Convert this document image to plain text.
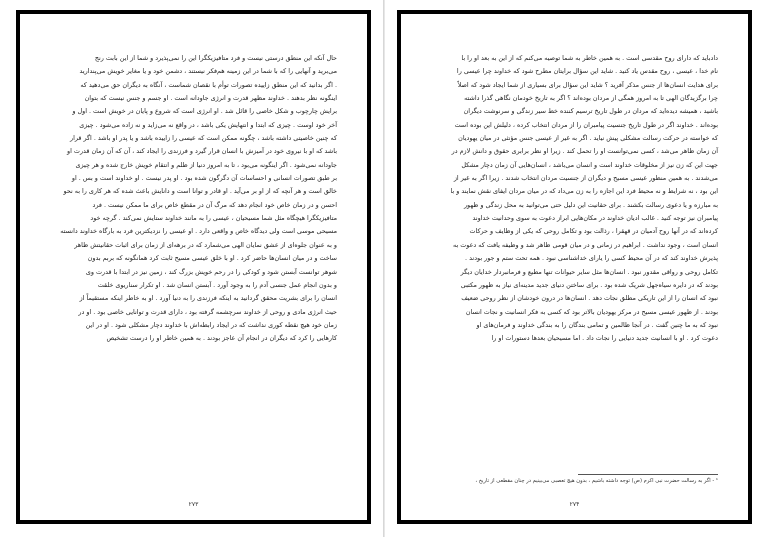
حال آنکه این منطق درستی نیست و فرد متافیزیکگرا این را نمی‌پذیرد و شما از این بابت رنج

می‌برید و آنهایی را که با شما در این زمینه هم‌فکر نیستند ، دشمن خود و یا مغایر خویش می‌پندارید

. اگر بدانید که این منطق زاییده تصورات توأم با نقصان شماست ، آنگاه به دیگران حق می‌دهید که

اینگونه نظر بدهند . خداوند مظهر قدرت و انرژی جاودانه است . او جسم و جنس نیست که بتوان

برایش چارچوب و شکل خاصی را قائل شد . او انرژی است که شروع و پایان در خویش است . اول و

آخر خود اوست . چیزی که ابتدا و انتهایش یکی باشد ، در واقع نه می‌زاید و نه زاده می‌شود . چیزی

که چنین خاصیتی داشته باشد ، چگونه ممکن است که عیسی را زاییده باشد و یا پدر او باشد . اگر قرار

باشد که او با نیروی خود در آمیزش با انسان قرار گیرد و فرزندی را ایجاد کند ، آن که آن زمان قدرت او

جاودانه نمی‌شود . اگر اینگونه می‌بود ، تا به امروز دنیا از ظلم و انتقام خویش خارج شده و هر چیزی

بر طبق تصورات انسانی و احساسات آن دگرگون شده بود . او پدر نیست . او خداوند است و بس . او

خالق است و هر آنچه که از او بر می‌آید . او قادر و توانا است و دانایش باعث شده که هر کاری را به نحو

احسن و در زمان خاص خود انجام دهد که مرگ آن در مقطع خاص برای ما ممکن نیست . فرد

متافیزیکگرا هیچگاه مثل شما مسیحیان ، عیسی را به مانند خداوند ستایش نمی‌کند . گرچه خود

مسیحی موسی است ولی دیدگاه خاص و واقعی دارد . او عیسی را نزدیکترین فرد به بارگاه خداوند دانسته

و به عنوان جلوه‌ای از عشق نمایان الهی می‌شمارد که در برهه‌ای از زمان برای اثبات حقانیتش ظاهر

ساخت و در میان انسان‌ها حاضر کرد . او با خلق عیسی مسیح ثابت کرد همانگونه که بربم بدون

شوهر توانست آبستن شود و کودکی را در رحم خویش بزرگ کند ، زمین نیز در ابتدا با قدرت وی

و بدون انجام عمل جنسی آدم را به وجود آورد . آبستن انسان شد . او تکرار سناریوی خلقت

انسان را برای بشریت محقق گردانید به اینکه فرزندی را به دنیا آورد . او به خاطر اینکه مستقیماً از

حیث انرژی مادی و روحی از خداوند سرچشمه گرفته بود ، دارای قدرت و توانایی خاصی بود . او در

زمان خود هیچ نقطه کوری نداشت که در ایجاد رابطه‌اش با خداوند دچار مشکلی شود . او در این

کارهایی را کرد که دیگران در انجام آن عاجز بودند . به همین خاطر او را درست تشخیص

۲۷۳

دادباید که دارای روح مقدسی است . به همین خاطر به شما توصیه می‌کنم که از این به بعد او را با

نام خدا ، عیسی ، روح مقدس یاد کنید . شاید این سؤال برایتان مطرح شود که خداوند چرا عیسی را

برای هدایت انسان‌ها از جنس مذکر آفرید ؟ شاید این سؤال برای بسیاری از شما ایجاد شود که اصلاً

چرا برگزیدگان الهی تا به امروز همگی از مردان بوده‌اند ؟ اگر به تاریخ خودمان نگاهی گذرا داشته

باشید ، همیشه دیده‌اید که مردان در طول تاریخ ترسیم کننده خط سیر زندگی و سرنوشت دیگران

بوده‌اند . خداوند اگر در طول تاریخ جنسیت پیامبران را از مردان انتخاب کرده ، دلیلش این بوده است

که خواسته در حرکت رسالت مشکلی پیش نیاید . اگر به غیر از عیسی جنس مؤنثی در میان یهودیان

آن زمان ظاهر می‌شد ، کسی نمی‌توانست او را تحمل کند . زیرا او نظر برابری حقوق و دانش لازم در

جهت این که زن نیز از مخلوقات خداوند است و انسان می‌باشد ، انسان‌هایی آن زمان دچار مشکل

می‌شدند . به همین منظور عیسی مسیح و دیگران از جنسیت مردان انتخاب شدند . زیرا اگر به غیر از

این بود ، نه شرایط و نه محیط فرد این اجازه را به زن می‌داد که در میان مردان ایفای نقش نمایند و با

به مبارزه و یا دعوی رسالت بکشند . برای حقانیت این دلیل حتی می‌توانید به محل زندگی و ظهور

پیامبران نیز توجه کنید . غالب ادیان خداوند در مکان‌هایی ابراز دعوت به سوی وحدانیت خداوند

کرده‌اند که در آنها روح آدمیان در قهقرا ، رذالت بود و تکامل روحی که یکی از وظایف و حرکات

انسان است ، وجود نداشت . ابراهیم در زمانی و در میان قومی ظاهر شد و وظیفه یافت که دعوت به

پذیرش خداوند کند که در آن محیط کسی را یارای خداشناسی نبود . همه تحت ستم و جور بودند .

تکامل روحی و رواقی مقدور نبود . انسان‌ها مثل سایر حیوانات تنها مطیع و فرمانبردار خدایان دیگر

بودند که در دایره سیاه‌جهل شریک شده بود . برای ساختن دنیای جدید مدینه‌ای نیاز به ظهور مکتبی

نبود که انسان را از این تاریکی مطلق نجات دهد . انسان‌ها در درون خودشان از نظر روحی ضعیف

بودند . از ظهور عیسی مسیح در مرکز یهودیان بالاتر بود که کسی به فکر انسانیت و نجات انسان

نبود که به ما چنین گفت . در آنجا ظالمین و تمامی بندگان را به بندگی خداوند و فرمان‌های او

دعوت کرد . او با انسانیت جدید دنیایی را نجات داد . اما مسیحیان بعدها دستورات او را

¹ - اگر به رسالت حضرت نبی اکرم (ص) توجه داشته باشیم ، بدون هیچ تعصبی می‌بینیم در چنان مقطعی از تاریخ ،
۲۷۴
